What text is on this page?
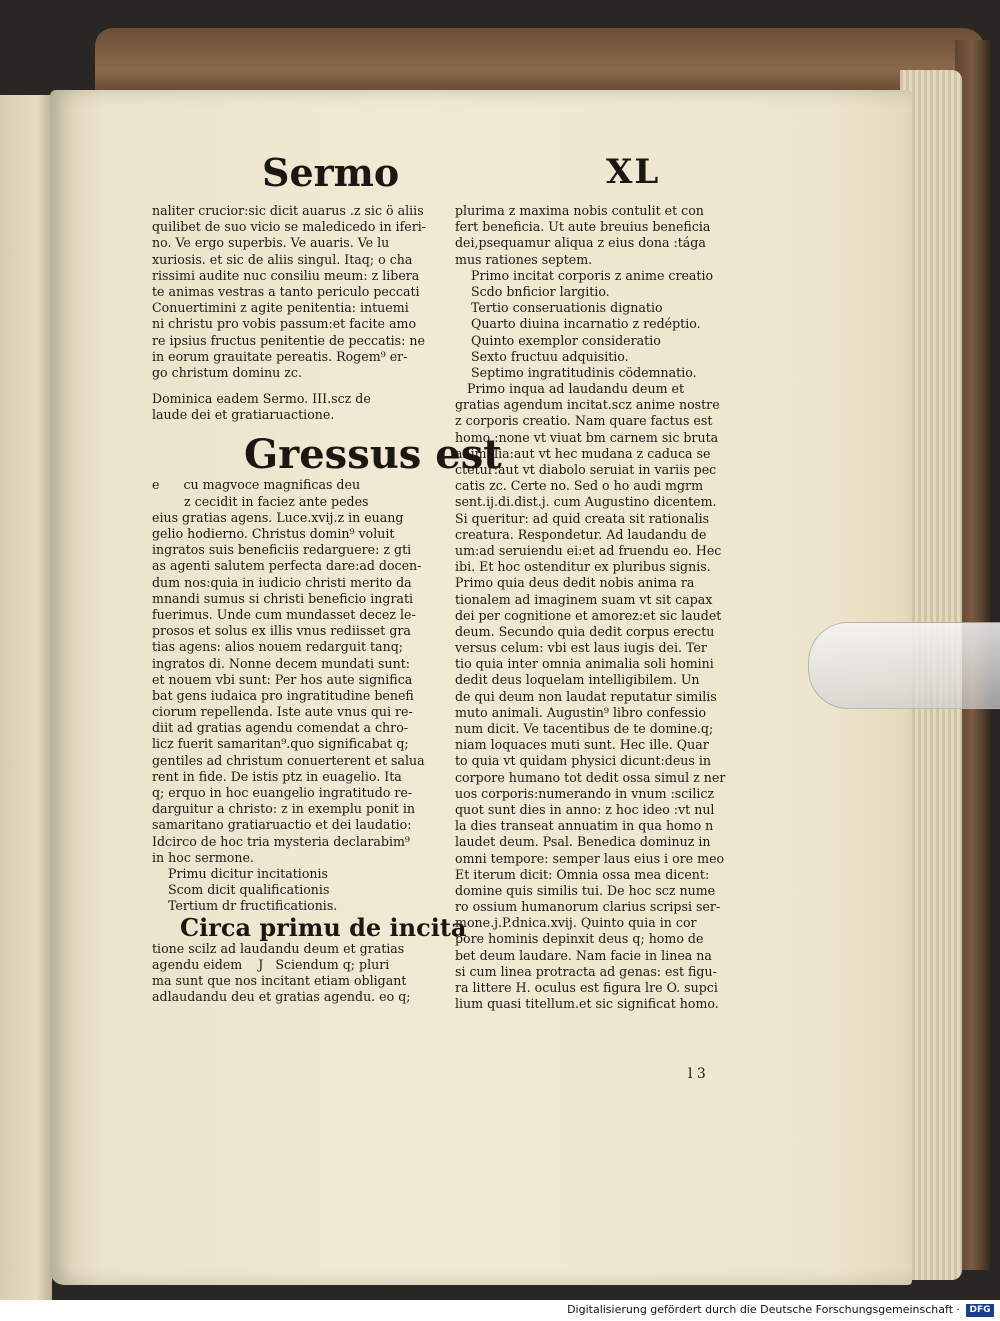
Sermo	XL
naliter crucior:sic dicit auarus .z sic ö aliis
quilibet de suo vicio se maledicedo in iferi-
no. Ve ergo superbis. Ve auaris. Ve lu
xuriosis. et sic de aliis singul. Itaq; o cha
rissimi audite nuc consiliu meum: z libera
te animas vestras a tanto periculo peccati
Conuertimini z agite penitentia: intuemi
ni christu pro vobis passum:et facite amo
re ipsius fructus penitentie de peccatis: ne
in eorum grauitate pereatis. Rogem⁹ er-
go christum dominu zc.
Dominica eadem Sermo. III.scz de
laude dei et gratiaruactione.
Gressus est
e      cu magvoce magnificas deu
z cecidit in faciez ante pedes
eius gratias agens. Luce.xvij.z in euang
gelio hodierno. Christus domin⁹ voluit
ingratos suis beneficiis redarguere: z gti
as agenti salutem perfecta dare:ad docen-
dum nos:quia in iudicio christi merito da
mnandi sumus si christi beneficio ingrati
fuerimus. Unde cum mundasset decez le-
prosos et solus ex illis vnus rediisset gra
tias agens: alios nouem redarguit tanq;
ingratos di. Nonne decem mundati sunt:
et nouem vbi sunt: Per hos aute significa
bat gens iudaica pro ingratitudine benefi
ciorum repellenda. Iste aute vnus qui re-
diit ad gratias agendu comendat a chro-
licz fuerit samaritan⁹.quo significabat q;
gentiles ad christum conuerterent et salua
rent in fide. De istis ptz in euagelio. Ita
q; erquo in hoc euangelio ingratitudo re-
darguitur a christo: z in exemplu ponit in
samaritano gratiaruactio et dei laudatio:
Idcirco de hoc tria mysteria declarabim⁹
in hoc sermone.
Primu dicitur incitationis
Scom dicit qualificationis
Tertium dr fructificationis.
Circa primu de incita
tione scilz ad laudandu deum et gratias
agendu eidem    J   Sciendum q; pluri
ma sunt que nos incitant etiam obligant
adlaudandu deu et gratias agendu. eo q;
plurima z maxima nobis contulit et con
fert beneficia. Ut aute breuius beneficia
dei,psequamur aliqua z eius dona :tága
mus rationes septem.
Primo incitat corporis z anime creatio
Scdo bnficior largitio.
Tertio conseruationis dignatio
Quarto diuina incarnatio z redéptio.
Quinto exemplor consideratio
Sexto fructuu adquisitio.
Septimo ingratitudinis cödemnatio.
Primo inqua ad laudandu deum et
gratias agendum incitat.scz anime nostre
z corporis creatio. Nam quare factus est
homo :none vt viuat bm carnem sic bruta
animalia:aut vt hec mudana z caduca se
ctetur:aut vt diabolo seruiat in variis pec
catis zc. Certe no. Sed o ho audi mgrm
sent.ij.di.dist.j. cum Augustino dicentem.
Si queritur: ad quid creata sit rationalis
creatura. Respondetur. Ad laudandu de
um:ad seruiendu ei:et ad fruendu eo. Hec
ibi. Et hoc ostenditur ex pluribus signis.
Primo quia deus dedit nobis anima ra
tionalem ad imaginem suam vt sit capax
dei per cognitione et amorez:et sic laudet
deum. Secundo quia dedit corpus erectu
versus celum: vbi est laus iugis dei. Ter
tio quia inter omnia animalia soli homini
dedit deus loquelam intelligibilem. Un
de qui deum non laudat reputatur similis
muto animali. Augustin⁹ libro confessio
num dicit. Ve tacentibus de te domine.q;
niam loquaces muti sunt. Hec ille. Quar
to quia vt quidam physici dicunt:deus in
corpore humano tot dedit ossa simul z ner
uos corporis:numerando in vnum :scilicz
quot sunt dies in anno: z hoc ideo :vt nul
la dies transeat annuatim in qua homo n
laudet deum. Psal. Benedica dominuz in
omni tempore: semper laus eius i ore meo
Et iterum dicit: Omnia ossa mea dicent:
domine quis similis tui. De hoc scz nume
ro ossium humanorum clarius scripsi ser-
mone.j.P.dnica.xvij. Quinto quia in cor
pore hominis depinxit deus q; homo de
bet deum laudare. Nam facie in linea na
si cum linea protracta ad genas: est figu-
ra littere H. oculus est figura lre O. supci
lium quasi titellum.et sic significat homo.
l 3
Digitalisierung gefördert durch die Deutsche Forschungsgemeinschaft ·	DFG
